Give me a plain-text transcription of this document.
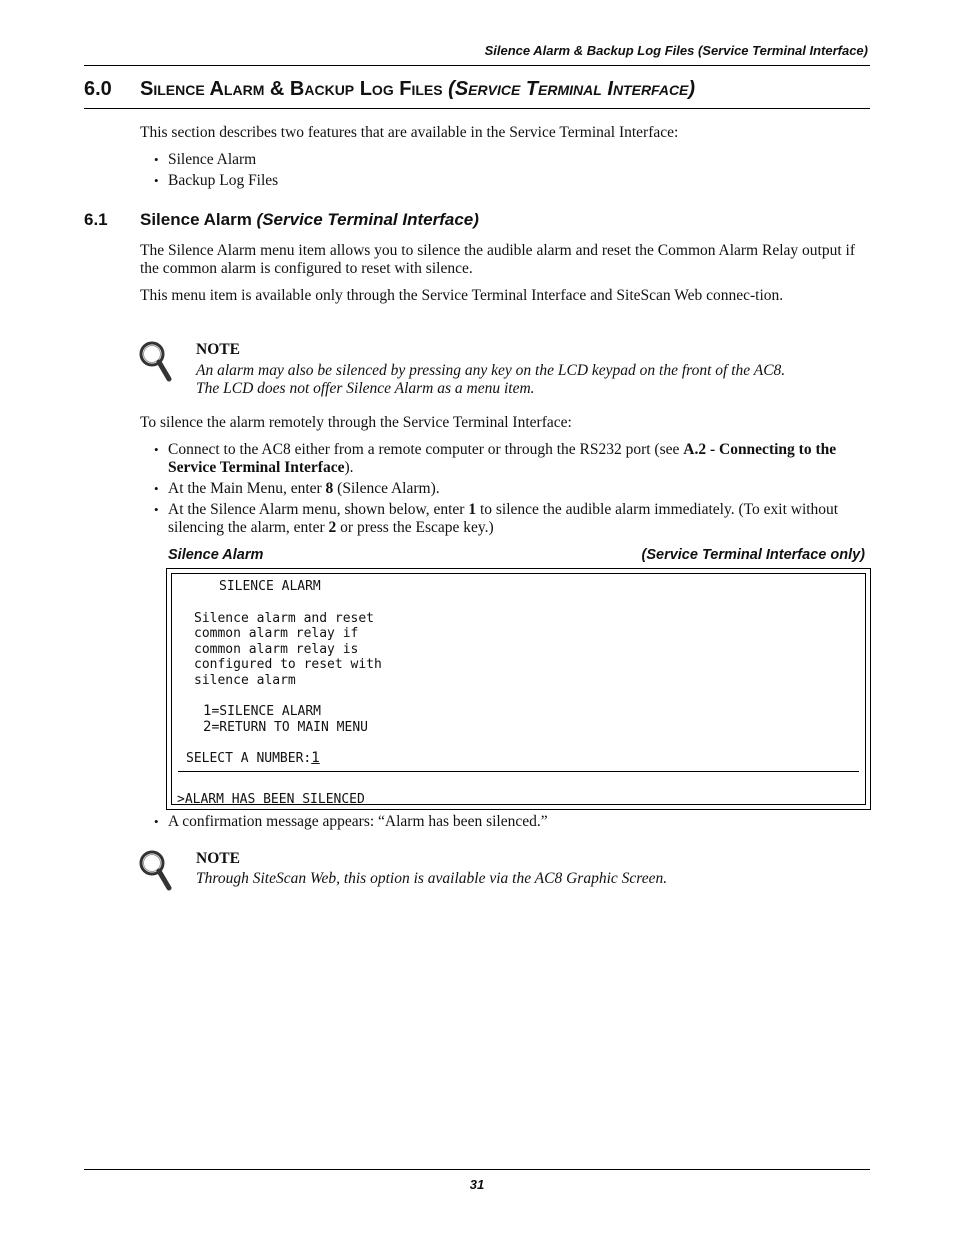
Silence Alarm & Backup Log Files (Service Terminal Interface)
6.0 Silence Alarm & Backup Log Files (Service Terminal Interface)
This section describes two features that are available in the Service Terminal Interface:
• Silence Alarm
• Backup Log Files
6.1 Silence Alarm (Service Terminal Interface)
The Silence Alarm menu item allows you to silence the audible alarm and reset the Common Alarm Relay output if the common alarm is configured to reset with silence.
This menu item is available only through the Service Terminal Interface and SiteScan Web connec-tion.
NOTE
An alarm may also be silenced by pressing any key on the LCD keypad on the front of the AC8. The LCD does not offer Silence Alarm as a menu item.
To silence the alarm remotely through the Service Terminal Interface:
• Connect to the AC8 either from a remote computer or through the RS232 port (see A.2 - Connecting to the Service Terminal Interface).
• At the Main Menu, enter 8 (Silence Alarm).
• At the Silence Alarm menu, shown below, enter 1 to silence the audible alarm immediately. (To exit without silencing the alarm, enter 2 or press the Escape key.)
Silence Alarm	(Service Terminal Interface only)
SILENCE ALARM
Silence alarm and reset
common alarm relay if
common alarm relay is
configured to reset with
silence alarm
1=SILENCE ALARM
2=RETURN TO MAIN MENU
SELECT A NUMBER:1
>ALARM HAS BEEN SILENCED
• A confirmation message appears: “Alarm has been silenced.”
NOTE
Through SiteScan Web, this option is available via the AC8 Graphic Screen.
31
